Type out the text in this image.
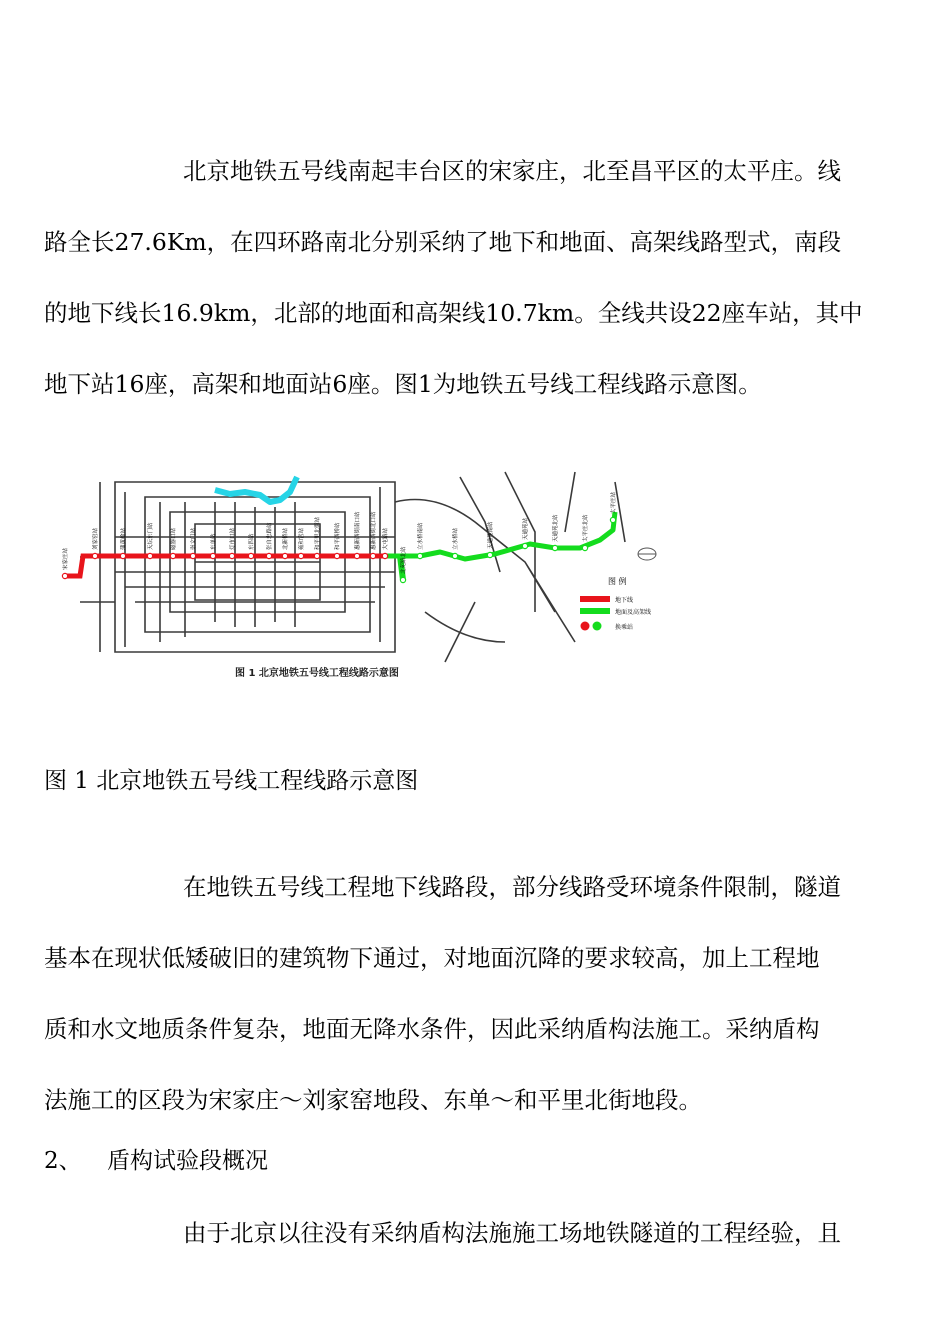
北京地铁五号线南起丰台区的宋家庄，北至昌平区的太平庄。线
路全长27.6Km，在四环路南北分别采纳了地下和地面、高架线路型式，南段
的地下线长16.9km，北部的地面和高架线10.7km。全线共设22座车站，其中
地下站16座，高架和地面站6座。图1为地铁五号线工程线路示意图。
宋家庄站
刘家窑站	蒲黄榆站	天坛东门站	磁器口站	崇文门站	东单站	灯市口站	东四站	张自忠路站	北新桥站	雍和宫站	和平里北街站	和平西桥站	惠新西街南口站	惠新西街北口站	大屯路站
北苑路北站
立水桥南站	立水桥站	天通苑南站	天通苑站	天通苑北站	太平庄北站
太平庄站
图 例
地下线
地面及高架线
换乘站
图 1 北京地铁五号线工程线路示意图
图 1 北京地铁五号线工程线路示意图
在地铁五号线工程地下线路段，部分线路受环境条件限制，隧道
基本在现状低矮破旧的建筑物下通过，对地面沉降的要求较高，加上工程地
质和水文地质条件复杂，地面无降水条件，因此采纳盾构法施工。采纳盾构
法施工的区段为宋家庄～刘家窑地段、东单～和平里北街地段。
2、 盾构试验段概况
由于北京以往没有采纳盾构法施施工场地铁隧道的工程经验，且
